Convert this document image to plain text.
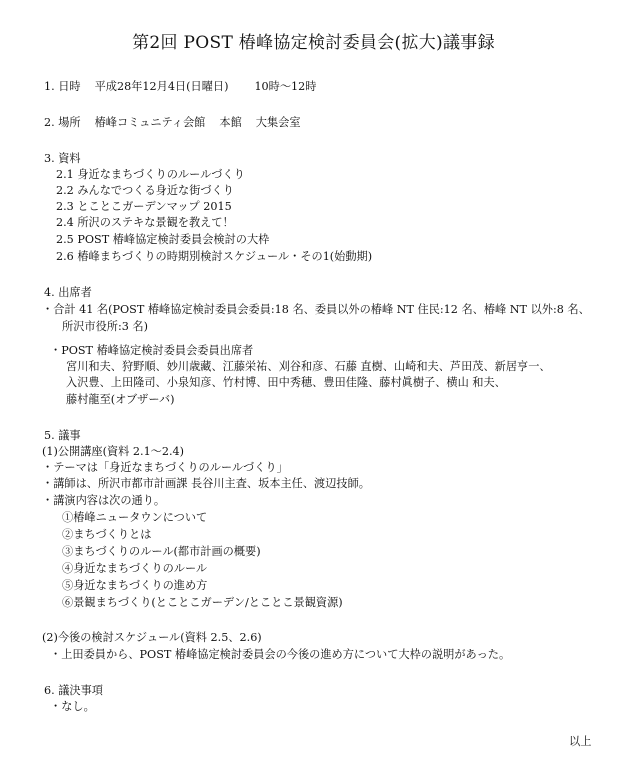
第2回 POST 椿峰協定検討委員会(拡大)議事録
1. 日時 平成28年12月4日(日曜日) 10時～12時
2. 場所 椿峰コミュニティ会館 本館 大集会室
3. 資料
2.1 身近なまちづくりのルールづくり
2.2 みんなでつくる身近な街づくり
2.3 とことこガーデンマップ 2015
2.4 所沢のステキな景観を教えて！
2.5 POST 椿峰協定検討委員会検討の大枠
2.6 椿峰まちづくりの時期別検討スケジュール・その1(始動期)
4. 出席者
・合計 41 名(POST 椿峰協定検討委員会委員:18 名、委員以外の椿峰 NT 住民:12 名、椿峰 NT 以外:8 名、
所沢市役所:3 名)
・POST 椿峰協定検討委員会委員出席者
宮川和夫、狩野順、妙川歳藏、江藤栄祐、刈谷和彦、石藤 直樹、山崎和夫、芦田茂、新居亨一、
入沢豊、上田隆司、小泉知彦、竹村博、田中秀穂、豊田佳隆、藤村眞樹子、横山 和夫、
藤村龍至(オブザーバ)
5. 議事
(1)公開講座(資料 2.1～2.4)
・テーマは「身近なまちづくりのルールづくり」
・講師は、所沢市都市計画課 長谷川主査、坂本主任、渡辺技師。
・講演内容は次の通り。
①椿峰ニュータウンについて
②まちづくりとは
③まちづくりのルール(都市計画の概要)
④身近なまちづくりのルール
⑤身近なまちづくりの進め方
⑥景観まちづくり(とことこガーデン/とことこ景観資源)
(2)今後の検討スケジュール(資料 2.5、2.6)
・上田委員から、POST 椿峰協定検討委員会の今後の進め方について大枠の説明があった。
6. 議決事項
・なし。
以上
